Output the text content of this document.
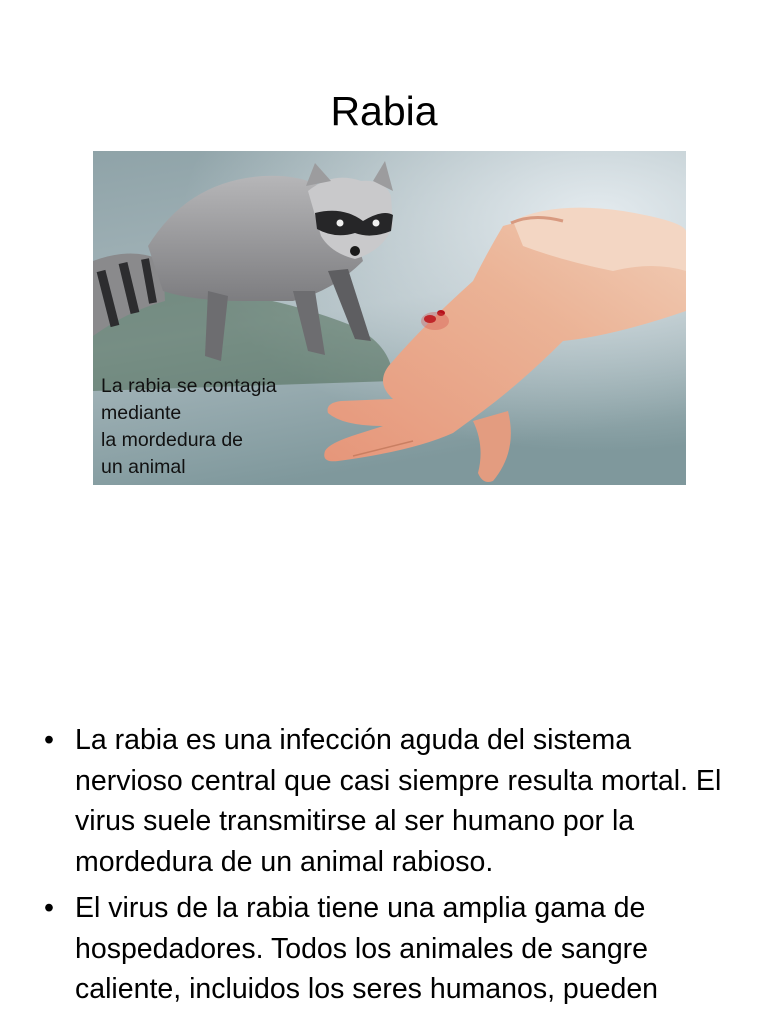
Rabia
La rabia se contagia
mediante
la mordedura de
un animal
• La rabia es una infección aguda del sistema nervioso central que casi siempre resulta mortal. El virus suele transmitirse al ser humano por la mordedura de un animal rabioso.
• El virus de la rabia tiene una amplia gama de hospedadores. Todos los animales de sangre caliente, incluidos los seres humanos, pueden
